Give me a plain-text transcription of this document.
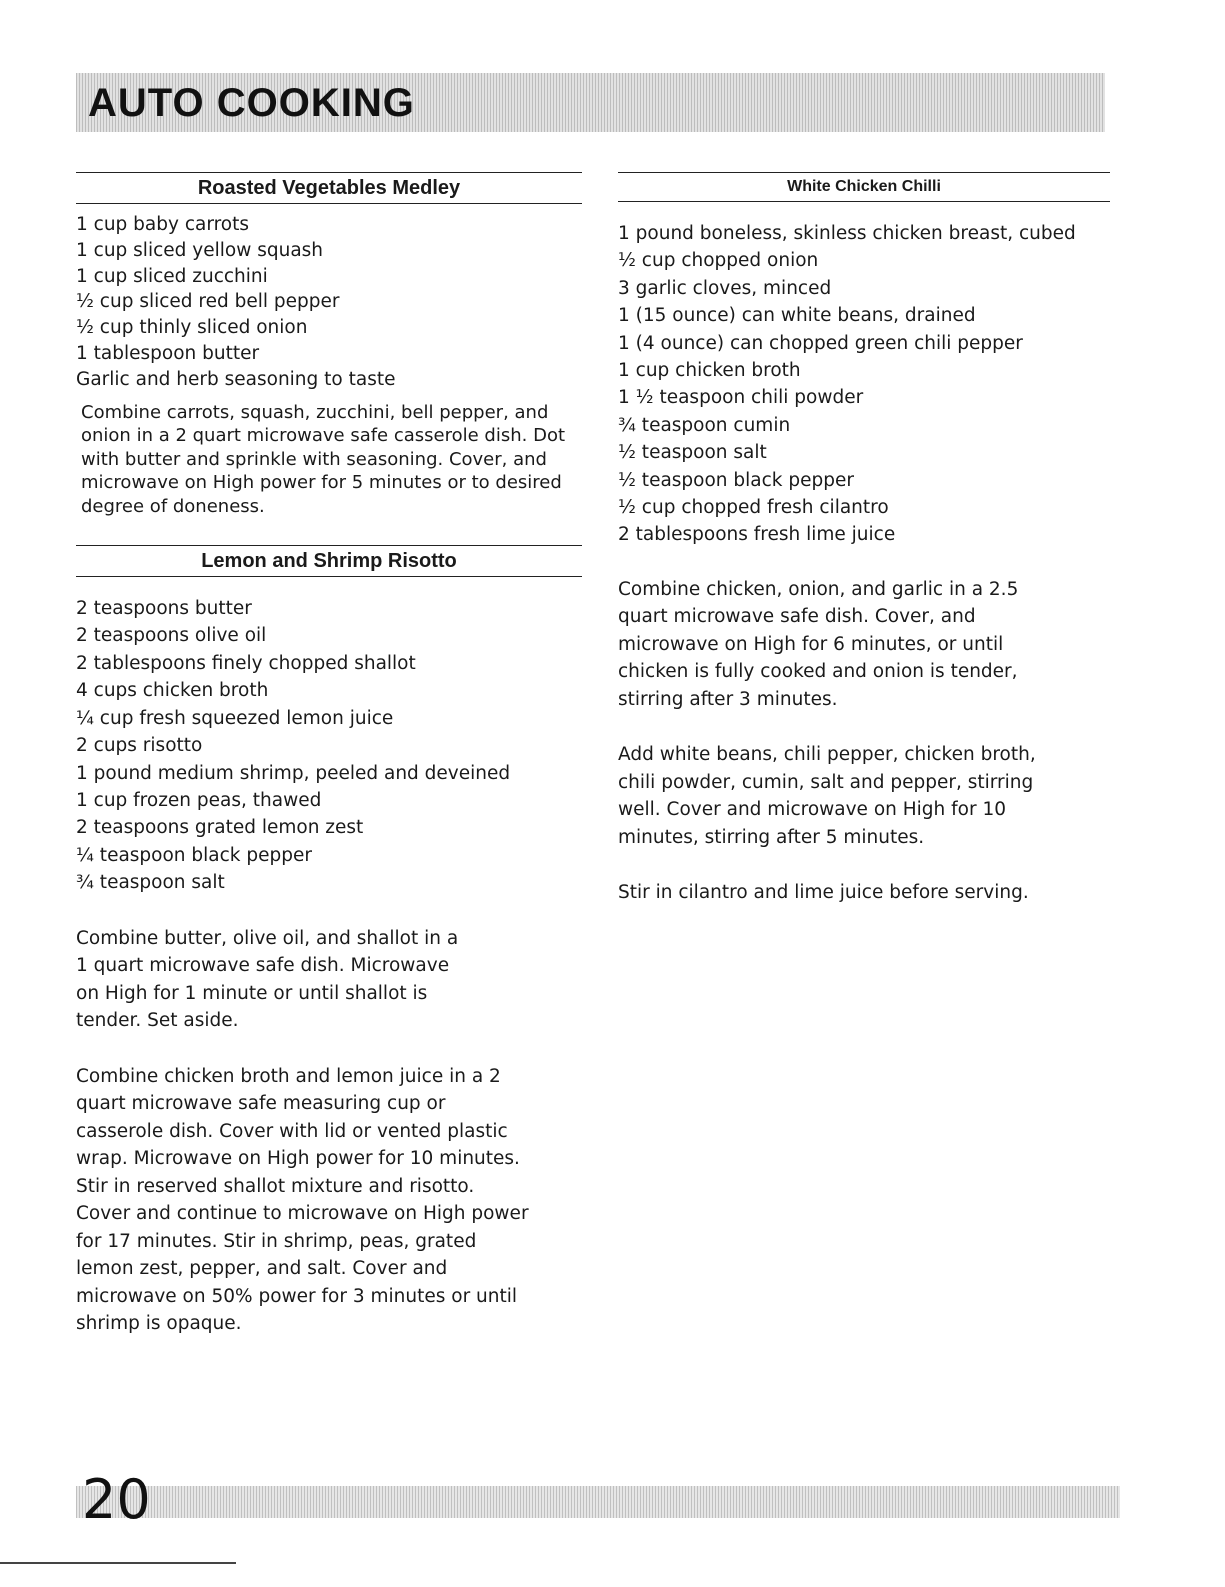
AUTO COOKING
Roasted Vegetables Medley
1 cup baby carrots
1 cup sliced yellow squash
1 cup sliced zucchini
½ cup sliced red bell pepper
½ cup thinly sliced onion
1 tablespoon butter
Garlic and herb seasoning to taste

Combine carrots, squash, zucchini, bell pepper, and onion in a 2 quart microwave safe casserole dish. Dot with butter and sprinkle with seasoning. Cover, and microwave on High power for 5 minutes or to desired degree of doneness.

Lemon and Shrimp Risotto
2 teaspoons butter
2 teaspoons olive oil
2 tablespoons finely chopped shallot
4 cups chicken broth
¼ cup fresh squeezed lemon juice
2 cups risotto
1 pound medium shrimp, peeled and deveined
1 cup frozen peas, thawed
2 teaspoons grated lemon zest
¼ teaspoon black pepper
¾ teaspoon salt

Combine butter, olive oil, and shallot in a 1 quart microwave safe dish. Microwave on High for 1 minute or until shallot is tender. Set aside.

Combine chicken broth and lemon juice in a 2 quart microwave safe measuring cup or casserole dish. Cover with lid or vented plastic wrap. Microwave on High power for 10 minutes. Stir in reserved shallot mixture and risotto. Cover and continue to microwave on High power for 17 minutes. Stir in shrimp, peas, grated lemon zest, pepper, and salt. Cover and microwave on 50% power for 3 minutes or until shrimp is opaque.

White Chicken Chilli
1 pound boneless, skinless chicken breast, cubed
½ cup chopped onion
3 garlic cloves, minced
1 (15 ounce) can white beans, drained
1 (4 ounce) can chopped green chili pepper
1 cup chicken broth
1 ½ teaspoon chili powder
¾ teaspoon cumin
½ teaspoon salt
½ teaspoon black pepper
½ cup chopped fresh cilantro
2 tablespoons fresh lime juice

Combine chicken, onion, and garlic in a 2.5 quart microwave safe dish. Cover, and microwave on High for 6 minutes, or until chicken is fully cooked and onion is tender, stirring after 3 minutes.

Add white beans, chili pepper, chicken broth, chili powder, cumin, salt and pepper, stirring well. Cover and microwave on High for 10 minutes, stirring after 5 minutes.

Stir in cilantro and lime juice before serving.

20
